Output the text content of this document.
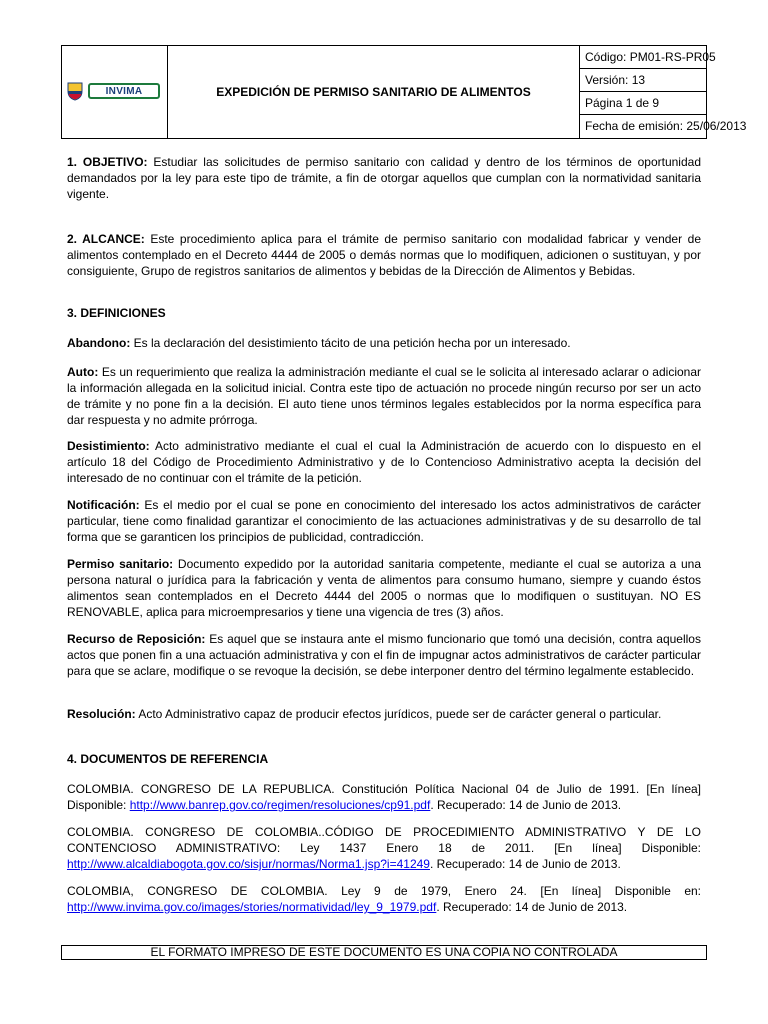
INVIMA	EXPEDICIÓN DE PERMISO SANITARIO DE ALIMENTOS
Código: PM01-RS-PR05
Versión: 13
Página 1 de 9
Fecha de emisión: 25/06/2013

1. OBJETIVO: Estudiar las solicitudes de permiso sanitario con calidad y dentro de los términos de oportunidad demandados por la ley para este tipo de trámite, a fin de otorgar aquellos que cumplan con la normatividad sanitaria vigente.

2. ALCANCE: Este procedimiento aplica para el trámite de permiso sanitario con modalidad fabricar y vender de alimentos contemplado en el Decreto 4444 de 2005 o demás normas que lo modifiquen, adicionen o sustituyan, y por consiguiente, Grupo de registros sanitarios de alimentos y bebidas de la Dirección de Alimentos y Bebidas.

3. DEFINICIONES

Abandono: Es la declaración del desistimiento tácito de una petición hecha por un interesado.

Auto: Es un requerimiento que realiza la administración mediante el cual se le solicita al interesado aclarar o adicionar la información allegada en la solicitud inicial. Contra este tipo de actuación no procede ningún recurso por ser un acto de trámite y no pone fin a la decisión. El auto tiene unos términos legales establecidos por la norma específica para dar respuesta y no admite prórroga.

Desistimiento: Acto administrativo mediante el cual el cual la Administración de acuerdo con lo dispuesto en el artículo 18 del Código de Procedimiento Administrativo y de lo Contencioso Administrativo acepta la decisión del interesado de no continuar con el trámite de la petición.

Notificación: Es el medio por el cual se pone en conocimiento del interesado los actos administrativos de carácter particular, tiene como finalidad garantizar el conocimiento de las actuaciones administrativas y de su desarrollo de tal forma que se garanticen los principios de publicidad, contradicción.

Permiso sanitario: Documento expedido por la autoridad sanitaria competente, mediante el cual se autoriza a una persona natural o jurídica para la fabricación y venta de alimentos para consumo humano, siempre y cuando éstos alimentos sean contemplados en el Decreto 4444 del 2005 o normas que lo modifiquen o sustituyan. NO ES RENOVABLE, aplica para microempresarios y tiene una vigencia de tres (3) años.

Recurso de Reposición: Es aquel que se instaura ante el mismo funcionario que tomó una decisión, contra aquellos actos que ponen fin a una actuación administrativa y con el fin de impugnar actos administrativos de carácter particular para que se aclare, modifique o se revoque la decisión, se debe interponer dentro del término legalmente establecido.

Resolución: Acto Administrativo capaz de producir efectos jurídicos, puede ser de carácter general o particular.

4. DOCUMENTOS DE REFERENCIA

COLOMBIA. CONGRESO DE LA REPUBLICA. Constitución Política Nacional 04 de Julio de 1991. [En línea] Disponible: http://www.banrep.gov.co/regimen/resoluciones/cp91.pdf. Recuperado: 14 de Junio de 2013.

COLOMBIA. CONGRESO DE COLOMBIA..CÓDIGO DE PROCEDIMIENTO ADMINISTRATIVO Y DE LO CONTENCIOSO ADMINISTRATIVO: Ley 1437 Enero 18 de 2011. [En línea] Disponible: http://www.alcaldiabogota.gov.co/sisjur/normas/Norma1.jsp?i=41249. Recuperado: 14 de Junio de 2013.

COLOMBIA, CONGRESO DE COLOMBIA. Ley 9 de 1979, Enero 24. [En línea] Disponible en: http://www.invima.gov.co/images/stories/normatividad/ley_9_1979.pdf. Recuperado: 14 de Junio de 2013.

EL FORMATO IMPRESO DE ESTE DOCUMENTO ES UNA COPIA NO CONTROLADA
